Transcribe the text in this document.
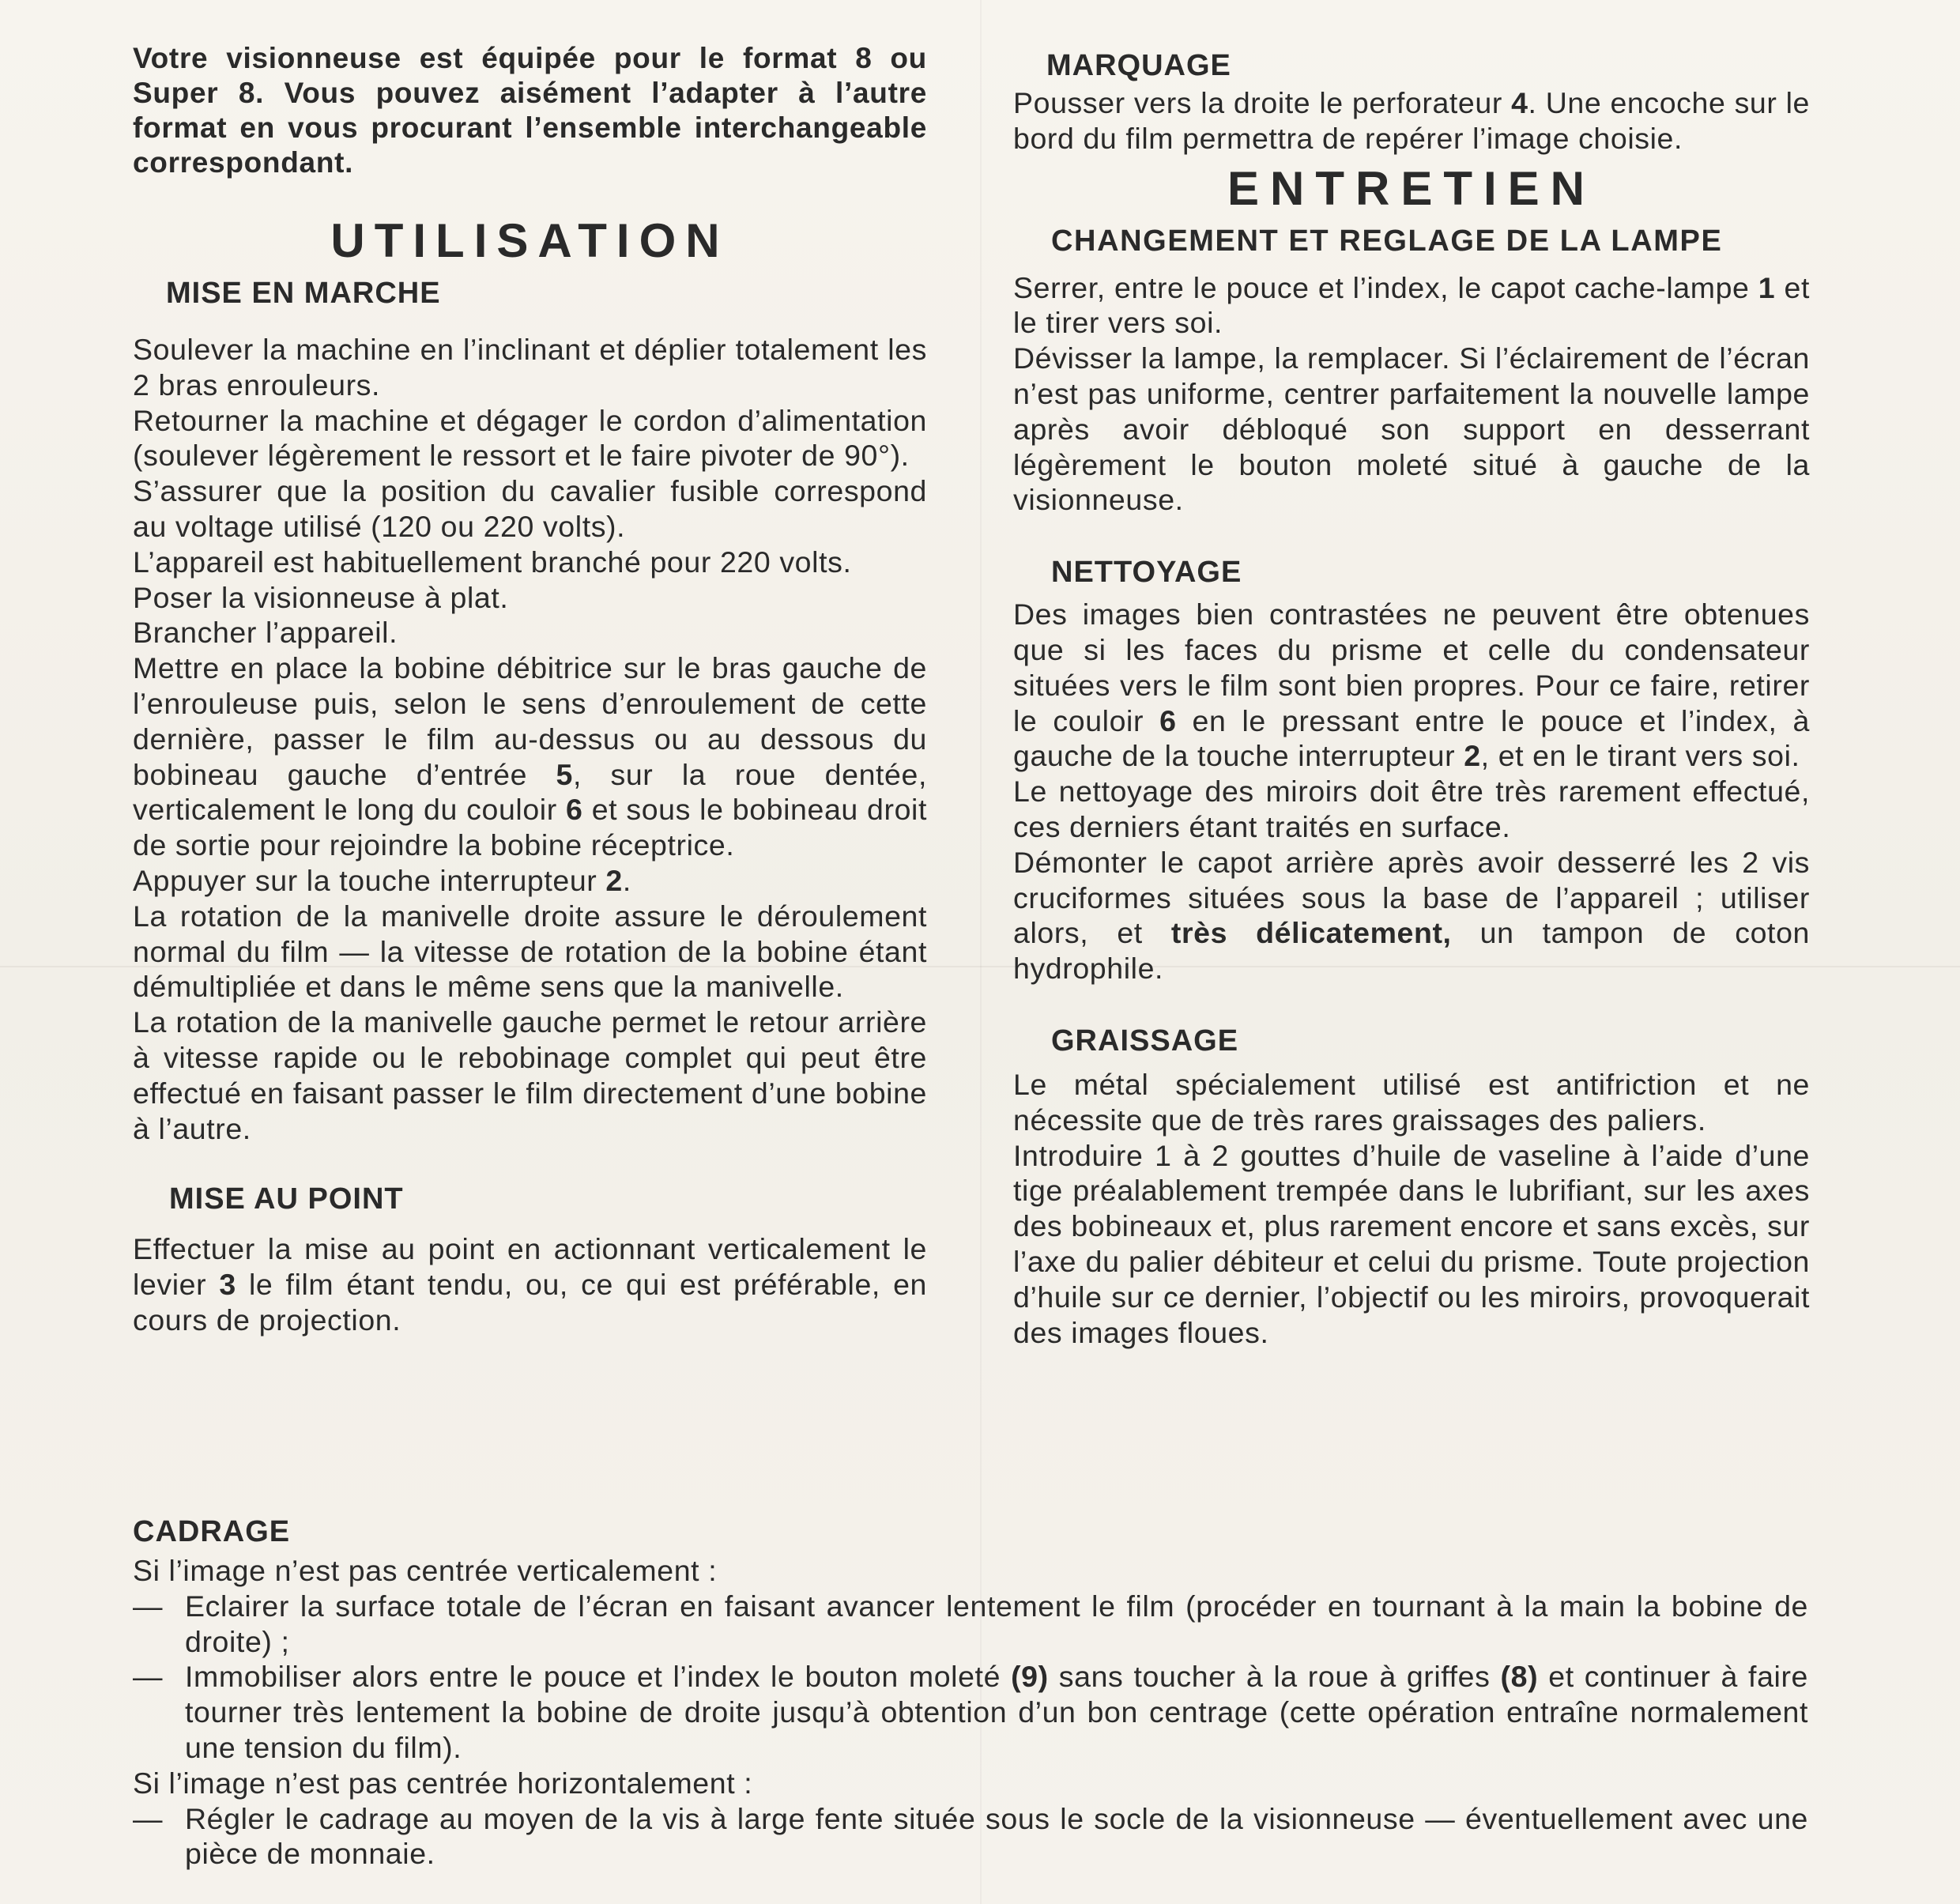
Votre visionneuse est équipée pour le format 8 ou Super 8. Vous pouvez aisément l’adapter à l’autre format en vous procurant l’ensemble interchangeable correspondant.

UTILISATION
MISE EN MARCHE

Soulever la machine en l’inclinant et déplier totalement les 2 bras enrouleurs.

Retourner la machine et dégager le cordon d’alimentation (soulever légèrement le ressort et le faire pivoter de 90°).

S’assurer que la position du cavalier fusible correspond au voltage utilisé (120 ou 220 volts).

L’appareil est habituellement branché pour 220 volts.

Poser la visionneuse à plat.

Brancher l’appareil.

Mettre en place la bobine débitrice sur le bras gauche de l’enrouleuse puis, selon le sens d’enroulement de cette dernière, passer le film au-dessus ou au dessous du bobineau gauche d’entrée 5, sur la roue dentée, verticalement le long du couloir 6 et sous le bobineau droit de sortie pour rejoindre la bobine réceptrice.

Appuyer sur la touche interrupteur 2.

La rotation de la manivelle droite assure le déroulement normal du film — la vitesse de rotation de la bobine étant démultipliée et dans le même sens que la manivelle.

La rotation de la manivelle gauche permet le retour arrière à vitesse rapide ou le rebobinage complet qui peut être effectué en faisant passer le film directement d’une bobine à l’autre.

MISE AU POINT

Effectuer la mise au point en actionnant verticalement le levier 3 le film étant tendu, ou, ce qui est préférable, en cours de projection.

MARQUAGE

Pousser vers la droite le perforateur 4. Une encoche sur le bord du film permettra de repérer l’image choisie.

ENTRETIEN
CHANGEMENT ET REGLAGE DE LA LAMPE

Serrer, entre le pouce et l’index, le capot cache-lampe 1 et le tirer vers soi.

Dévisser la lampe, la remplacer. Si l’éclairement de l’écran n’est pas uniforme, centrer parfaitement la nouvelle lampe après avoir débloqué son support en desserrant légèrement le bouton moleté situé à gauche de la visionneuse.

NETTOYAGE

Des images bien contrastées ne peuvent être obtenues que si les faces du prisme et celle du condensateur situées vers le film sont bien propres. Pour ce faire, retirer le couloir 6 en le pressant entre le pouce et l’index, à gauche de la touche interrupteur 2, et en le tirant vers soi.

Le nettoyage des miroirs doit être très rarement effectué, ces derniers étant traités en surface.

Démonter le capot arrière après avoir desserré les 2 vis cruciformes situées sous la base de l’appareil ; utiliser alors, et très délicatement, un tampon de coton hydrophile.

GRAISSAGE

Le métal spécialement utilisé est antifriction et ne nécessite que de très rares graissages des paliers.

Introduire 1 à 2 gouttes d’huile de vaseline à l’aide d’une tige préalablement trempée dans le lubrifiant, sur les axes des bobineaux et, plus rarement encore et sans excès, sur l’axe du palier débiteur et celui du prisme. Toute projection d’huile sur ce dernier, l’objectif ou les miroirs, provoquerait des images floues.

CADRAGE

Si l’image n’est pas centrée verticalement :

— Eclairer la surface totale de l’écran en faisant avancer lentement le film (procéder en tournant à la main la bobine de droite) ;

— Immobiliser alors entre le pouce et l’index le bouton moleté (9) sans toucher à la roue à griffes (8) et continuer à faire tourner très lentement la bobine de droite jusqu’à obtention d’un bon centrage (cette opération entraîne normalement une tension du film).

Si l’image n’est pas centrée horizontalement :

— Régler le cadrage au moyen de la vis à large fente située sous le socle de la visionneuse — éventuellement avec une pièce de monnaie.
